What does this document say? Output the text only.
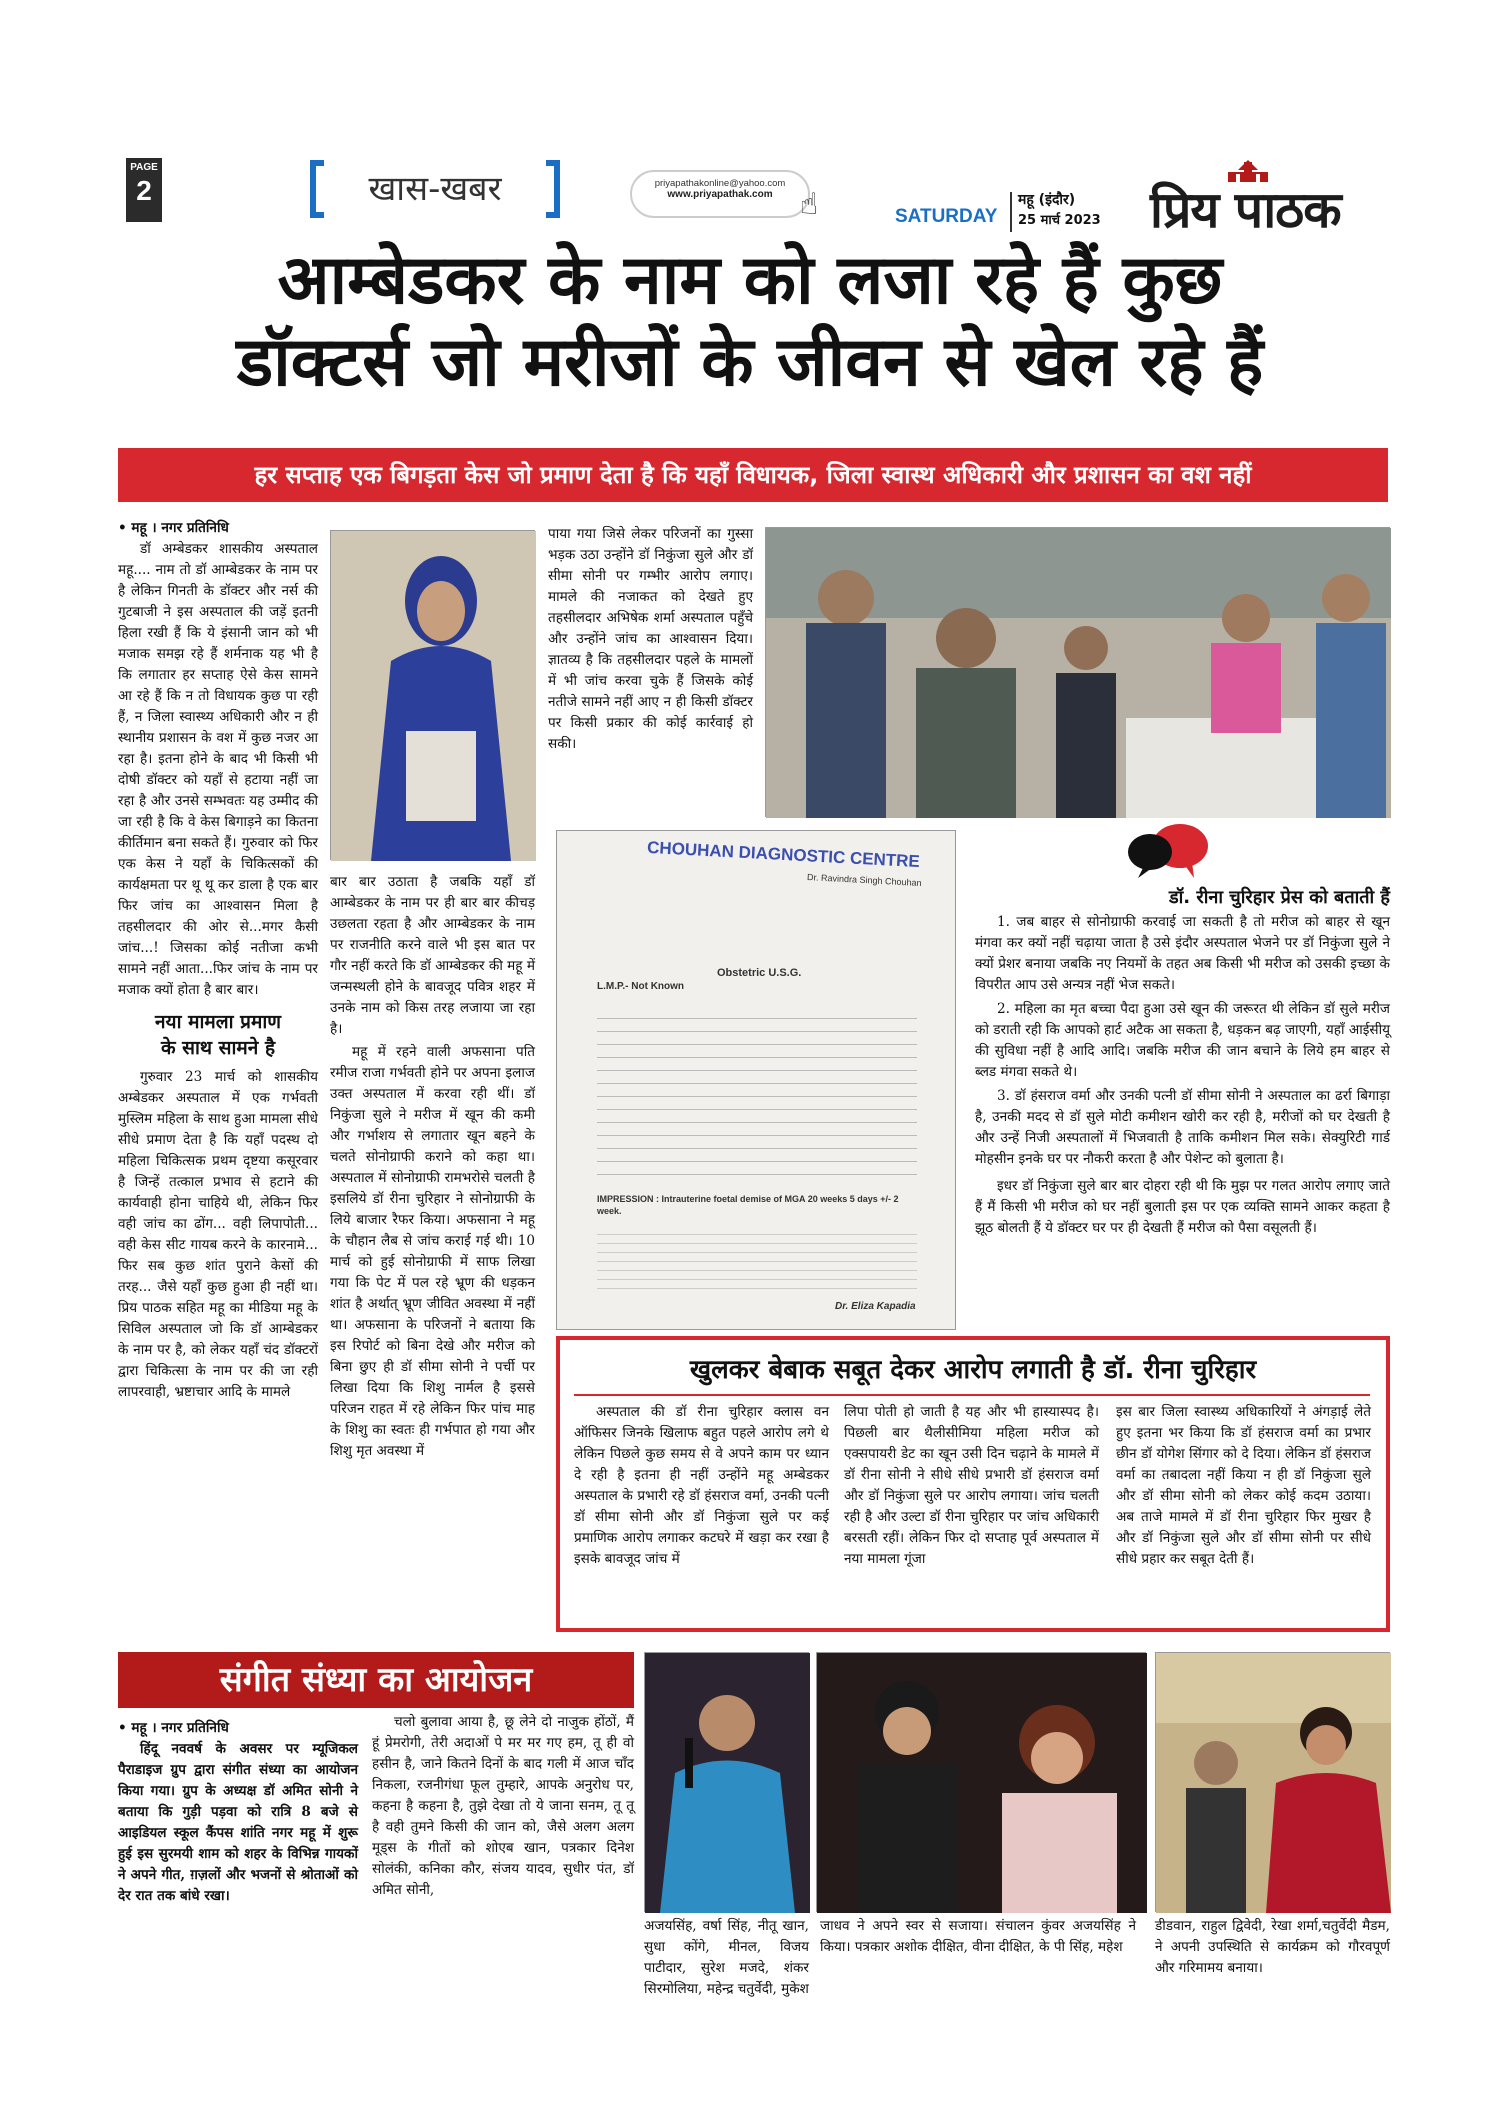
PAGE
2	खास-खबर	priyapathakonline@yahoo.com
www.priyapathak.com ☝	SATURDAY
महू (इंदौर)
25 मार्च 2023 प्रिय पाठक
आम्बेडकर के नाम को लजा रहे हैं कुछ
डॉक्टर्स जो मरीजों के जीवन से खेल रहे हैं
हर सप्ताह एक बिगड़ता केस जो प्रमाण देता है कि यहाँ विधायक, जिला स्वास्थ अधिकारी और प्रशासन का वश नहीं

• महू । नगर प्रतिनिधि

डॉ अम्बेडकर शासकीय अस्पताल महू.... नाम तो डॉ आम्बेडकर के नाम पर है लेकिन गिनती के डॉक्टर और नर्स की गुटबाजी ने इस अस्पताल की जड़ें इतनी हिला रखी हैं कि ये इंसानी जान को भी मजाक समझ रहे हैं शर्मनाक यह भी है कि लगातार हर सप्ताह ऐसे केस सामने आ रहे हैं कि न तो विधायक कुछ पा रही हैं, न जिला स्वास्थ्य अधिकारी और न ही स्थानीय प्रशासन के वश में कुछ नजर आ रहा है। इतना होने के बाद भी किसी भी दोषी डॉक्टर को यहाँ से हटाया नहीं जा रहा है और उनसे सम्भवतः यह उम्मीद की जा रही है कि वे केस बिगाड़ने का कितना कीर्तिमान बना सकते हैं। गुरुवार को फिर एक केस ने यहाँ के चिकित्सकों की कार्यक्षमता पर थू थू कर डाला है एक बार फिर जांच का आश्वासन मिला है तहसीलदार की ओर से...मगर कैसी जांच...! जिसका कोई नतीजा कभी सामने नहीं आता...फिर जांच के नाम पर मजाक क्यों होता है बार बार।

नया मामला प्रमाण
के साथ सामने है

गुरुवार 23 मार्च को शासकीय अम्बेडकर अस्पताल में एक गर्भवती मुस्लिम महिला के साथ हुआ मामला सीधे सीधे प्रमाण देता है कि यहाँ पदस्थ दो महिला चिकित्सक प्रथम दृष्टया कसूरवार है जिन्हें तत्काल प्रभाव से हटाने की कार्यवाही होना चाहिये थी, लेकिन फिर वही जांच का ढोंग... वही लिपापोती... वही केस सीट गायब करने के कारनामे... फिर सब कुछ शांत पुराने केसों की तरह... जैसे यहाँ कुछ हुआ ही नहीं था। प्रिय पाठक सहित महू का मीडिया महू के सिविल अस्पताल जो कि डॉ आम्बेडकर के नाम पर है, को लेकर यहाँ चंद डॉक्टरों द्वारा चिकित्सा के नाम पर की जा रही लापरवाही, भ्रष्टाचार आदि के मामले

बार बार उठाता है जबकि यहाँ डॉ आम्बेडकर के नाम पर ही बार बार कीचड़ उछलता रहता है और आम्बेडकर के नाम पर राजनीति करने वाले भी इस बात पर गौर नहीं करते कि डॉ आम्बेडकर की महू में जन्मस्थली होने के बावजूद पवित्र शहर में उनके नाम को किस तरह लजाया जा रहा है।

महू में रहने वाली अफसाना पति रमीज राजा गर्भवती होने पर अपना इलाज उक्त अस्पताल में करवा रही थीं। डॉ निकुंजा सुले ने मरीज में खून की कमी और गर्भाशय से लगातार खून बहने के चलते सोनोग्राफी कराने को कहा था। अस्पताल में सोनोग्राफी रामभरोसे चलती है इसलिये डॉ रीना चुरिहार ने सोनोग्राफी के लिये बाजार रैफर किया। अफसाना ने महू के चौहान लैब से जांच कराई गई थी। 10 मार्च को हुई सोनोग्राफी में साफ लिखा गया कि पेट में पल रहे भ्रूण की धड़कन शांत है अर्थात् भ्रूण जीवित अवस्था में नहीं था। अफसाना के परिजनों ने बताया कि इस रिपोर्ट को बिना देखे और मरीज को बिना छुए ही डॉ सीमा सोनी ने पर्ची पर लिखा दिया कि शिशु नार्मल है इससे परिजन राहत में रहे लेकिन फिर पांच माह के शिशु का स्वतः ही गर्भपात हो गया और शिशु मृत अवस्था में

पाया गया जिसे लेकर परिजनों का गुस्सा भड़क उठा उन्होंने डॉ निकुंजा सुले और डॉ सीमा सोनी पर गम्भीर आरोप लगाए। मामले की नजाकत को देखते हुए तहसीलदार अभिषेक शर्मा अस्पताल पहुँचे और उन्होंने जांच का आश्वासन दिया। ज्ञातव्य है कि तहसीलदार पहले के मामलों में भी जांच करवा चुके हैं जिसके कोई नतीजे सामने नहीं आए न ही किसी डॉक्टर पर किसी प्रकार की कोई कार्रवाई हो सकी।

CHOUHAN DIAGNOSTIC CENTRE
Dr. Ravindra Singh Chouhan
Obstetric U.S.G.
L.M.P.- Not Known
IMPRESSION : Intrauterine foetal demise of MGA 20 weeks 5 days +/- 2 week.
Dr. Eliza Kapadia
डॉ. रीना चुरिहार प्रेस को बताती हैं

1. जब बाहर से सोनोग्राफी करवाई जा सकती है तो मरीज को बाहर से खून मंगवा कर क्यों नहीं चढ़ाया जाता है उसे इंदौर अस्पताल भेजने पर डॉ निकुंजा सुले ने क्यों प्रेशर बनाया जबकि नए नियमों के तहत अब किसी भी मरीज को उसकी इच्छा के विपरीत आप उसे अन्यत्र नहीं भेज सकते।

2. महिला का मृत बच्चा पैदा हुआ उसे खून की जरूरत थी लेकिन डॉ सुले मरीज को डराती रही कि आपको हार्ट अटैक आ सकता है, धड़कन बढ़ जाएगी, यहाँ आईसीयू की सुविधा नहीं है आदि आदि। जबकि मरीज की जान बचाने के लिये हम बाहर से ब्लड मंगवा सकते थे।

3. डॉ हंसराज वर्मा और उनकी पत्नी डॉ सीमा सोनी ने अस्पताल का ढर्रा बिगाड़ा है, उनकी मदद से डॉ सुले मोटी कमीशन खोरी कर रही है, मरीजों को घर देखती है और उन्हें निजी अस्पतालों में भिजवाती है ताकि कमीशन मिल सके। सेक्युरिटी गार्ड मोहसीन इनके घर पर नौकरी करता है और पेशेन्ट को बुलाता है।

इधर डॉ निकुंजा सुले बार बार दोहरा रही थी कि मुझ पर गलत आरोप लगाए जाते हैं मैं किसी भी मरीज को घर नहीं बुलाती इस पर एक व्यक्ति सामने आकर कहता है झूठ बोलती हैं ये डॉक्टर घर पर ही देखती हैं मरीज को पैसा वसूलती हैं।

खुलकर बेबाक सबूत देकर आरोप लगाती है डॉ. रीना चुरिहार

अस्पताल की डॉ रीना चुरिहार क्लास वन ऑफिसर जिनके खिलाफ बहुत पहले आरोप लगे थे लेकिन पिछले कुछ समय से वे अपने काम पर ध्यान दे रही है इतना ही नहीं उन्होंने महू अम्बेडकर अस्पताल के प्रभारी रहे डॉ हंसराज वर्मा, उनकी पत्नी डॉ सीमा सोनी और डॉ निकुंजा सुले पर कई प्रमाणिक आरोप लगाकर कटघरे में खड़ा कर रखा है इसके बावजूद जांच में

लिपा पोती हो जाती है यह और भी हास्यास्पद है। पिछली बार थैलीसीमिया महिला मरीज को एक्सपायरी डेट का खून उसी दिन चढ़ाने के मामले में डॉ रीना सोनी ने सीधे सीधे प्रभारी डॉ हंसराज वर्मा और डॉ निकुंजा सुले पर आरोप लगाया। जांच चलती रही है और उल्टा डॉ रीना चुरिहार पर जांच अधिकारी बरसती रहीं। लेकिन फिर दो सप्ताह पूर्व अस्पताल में नया मामला गूंजा

इस बार जिला स्वास्थ्य अधिकारियों ने अंगड़ाई लेते हुए इतना भर किया कि डॉ हंसराज वर्मा का प्रभार छीन डॉ योगेश सिंगार को दे दिया। लेकिन डॉ हंसराज वर्मा का तबादला नहीं किया न ही डॉ निकुंजा सुले और डॉ सीमा सोनी को लेकर कोई कदम उठाया। अब ताजे मामले में डॉ रीना चुरिहार फिर मुखर है और डॉ निकुंजा सुले और डॉ सीमा सोनी पर सीधे सीधे प्रहार कर सबूत देती हैं।

संगीत संध्या का आयोजन

• महू । नगर प्रतिनिधि

हिंदू नववर्ष के अवसर पर म्यूजिकल पैराडाइज ग्रुप द्वारा संगीत संध्या का आयोजन किया गया। ग्रुप के अध्यक्ष डॉ अमित सोनी ने बताया कि गुड़ी पड़वा को रात्रि 8 बजे से आइडियल स्कूल कैंपस शांति नगर महू में शुरू हुई इस सुरमयी शाम को शहर के विभिन्न गायकों ने अपने गीत, ग़ज़लों और भजनों से श्रोताओं को देर रात तक बांधे रखा।

चलो बुलावा आया है, छू लेने दो नाजुक होंठों, मैं हूं प्रेमरोगी, तेरी अदाओं पे मर मर गए हम, तू ही वो हसीन है, जाने कितने दिनों के बाद गली में आज चाँद निकला, रजनीगंधा फूल तुम्हारे, आपके अनुरोध पर, कहना है कहना है, तुझे देखा तो ये जाना सनम, तू तू है वही तुमने किसी की जान को, जैसे अलग अलग मूड्स के गीतों को शोएब खान, पत्रकार दिनेश सोलंकी, कनिका कौर, संजय यादव, सुधीर पंत, डॉ अमित सोनी,

अजयसिंह, वर्षा सिंह, नीतू खान, सुधा कोंगे, मीनल, विजय पाटीदार, सुरेश मजदे, शंकर सिरमोलिया, महेन्द्र चतुर्वेदी, मुकेश

जाधव ने अपने स्वर से सजाया। संचालन कुंवर अजयसिंह ने किया। पत्रकार अशोक दीक्षित, वीना दीक्षित, के पी सिंह, महेश

डीडवान, राहुल द्विवेदी, रेखा शर्मा,चतुर्वेदी मैडम, ने अपनी उपस्थिति से कार्यक्रम को गौरवपूर्ण और गरिमामय बनाया।
